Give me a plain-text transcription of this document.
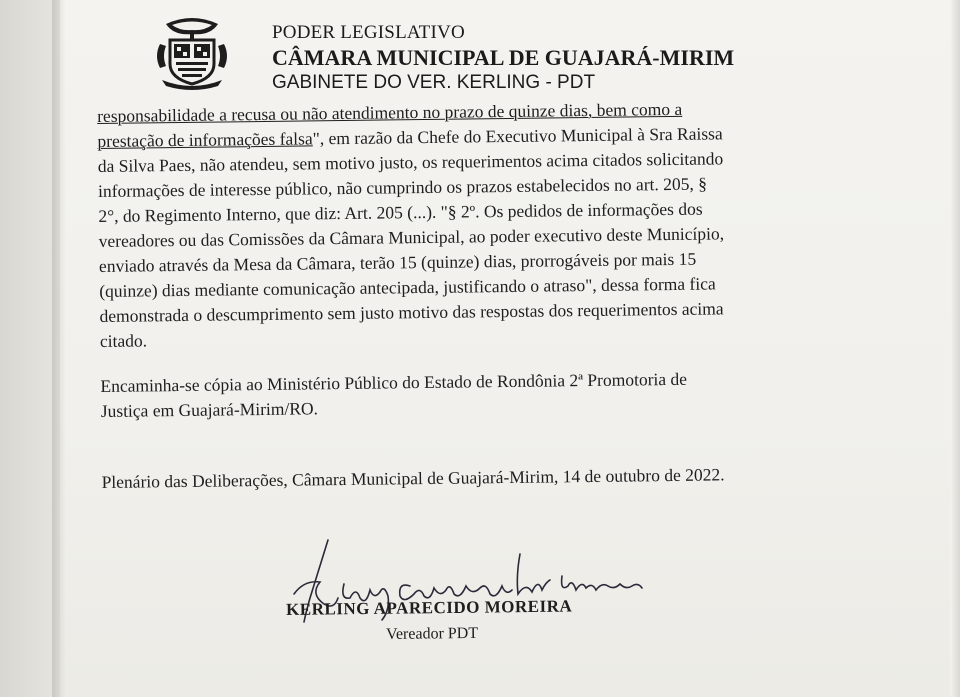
PODER LEGISLATIVO
CÂMARA MUNICIPAL DE GUAJARÁ-MIRIM
GABINETE DO VER. KERLING - PDT
responsabilidade a recusa ou não atendimento no prazo de quinze dias, bem como a
prestação de informações falsa", em razão da Chefe do Executivo Municipal à Sra Raissa
da Silva Paes, não atendeu, sem motivo justo, os requerimentos acima citados solicitando
informações de interesse público, não cumprindo os prazos estabelecidos no art. 205, §
2°, do Regimento Interno, que diz: Art. 205 (...). "§ 2º. Os pedidos de informações dos
vereadores ou das Comissões da Câmara Municipal, ao poder executivo deste Município,
enviado através da Mesa da Câmara, terão 15 (quinze) dias, prorrogáveis por mais 15
(quinze) dias mediante comunicação antecipada, justificando o atraso", dessa forma fica
demonstrada o descumprimento sem justo motivo das respostas dos requerimentos acima
citado.
Encaminha-se cópia ao Ministério Público do Estado de Rondônia 2ª Promotoria de
Justiça em Guajará-Mirim/RO.
Plenário das Deliberações, Câmara Municipal de Guajará-Mirim, 14 de outubro de 2022.
KERLING APARECIDO MOREIRA
Vereador PDT
